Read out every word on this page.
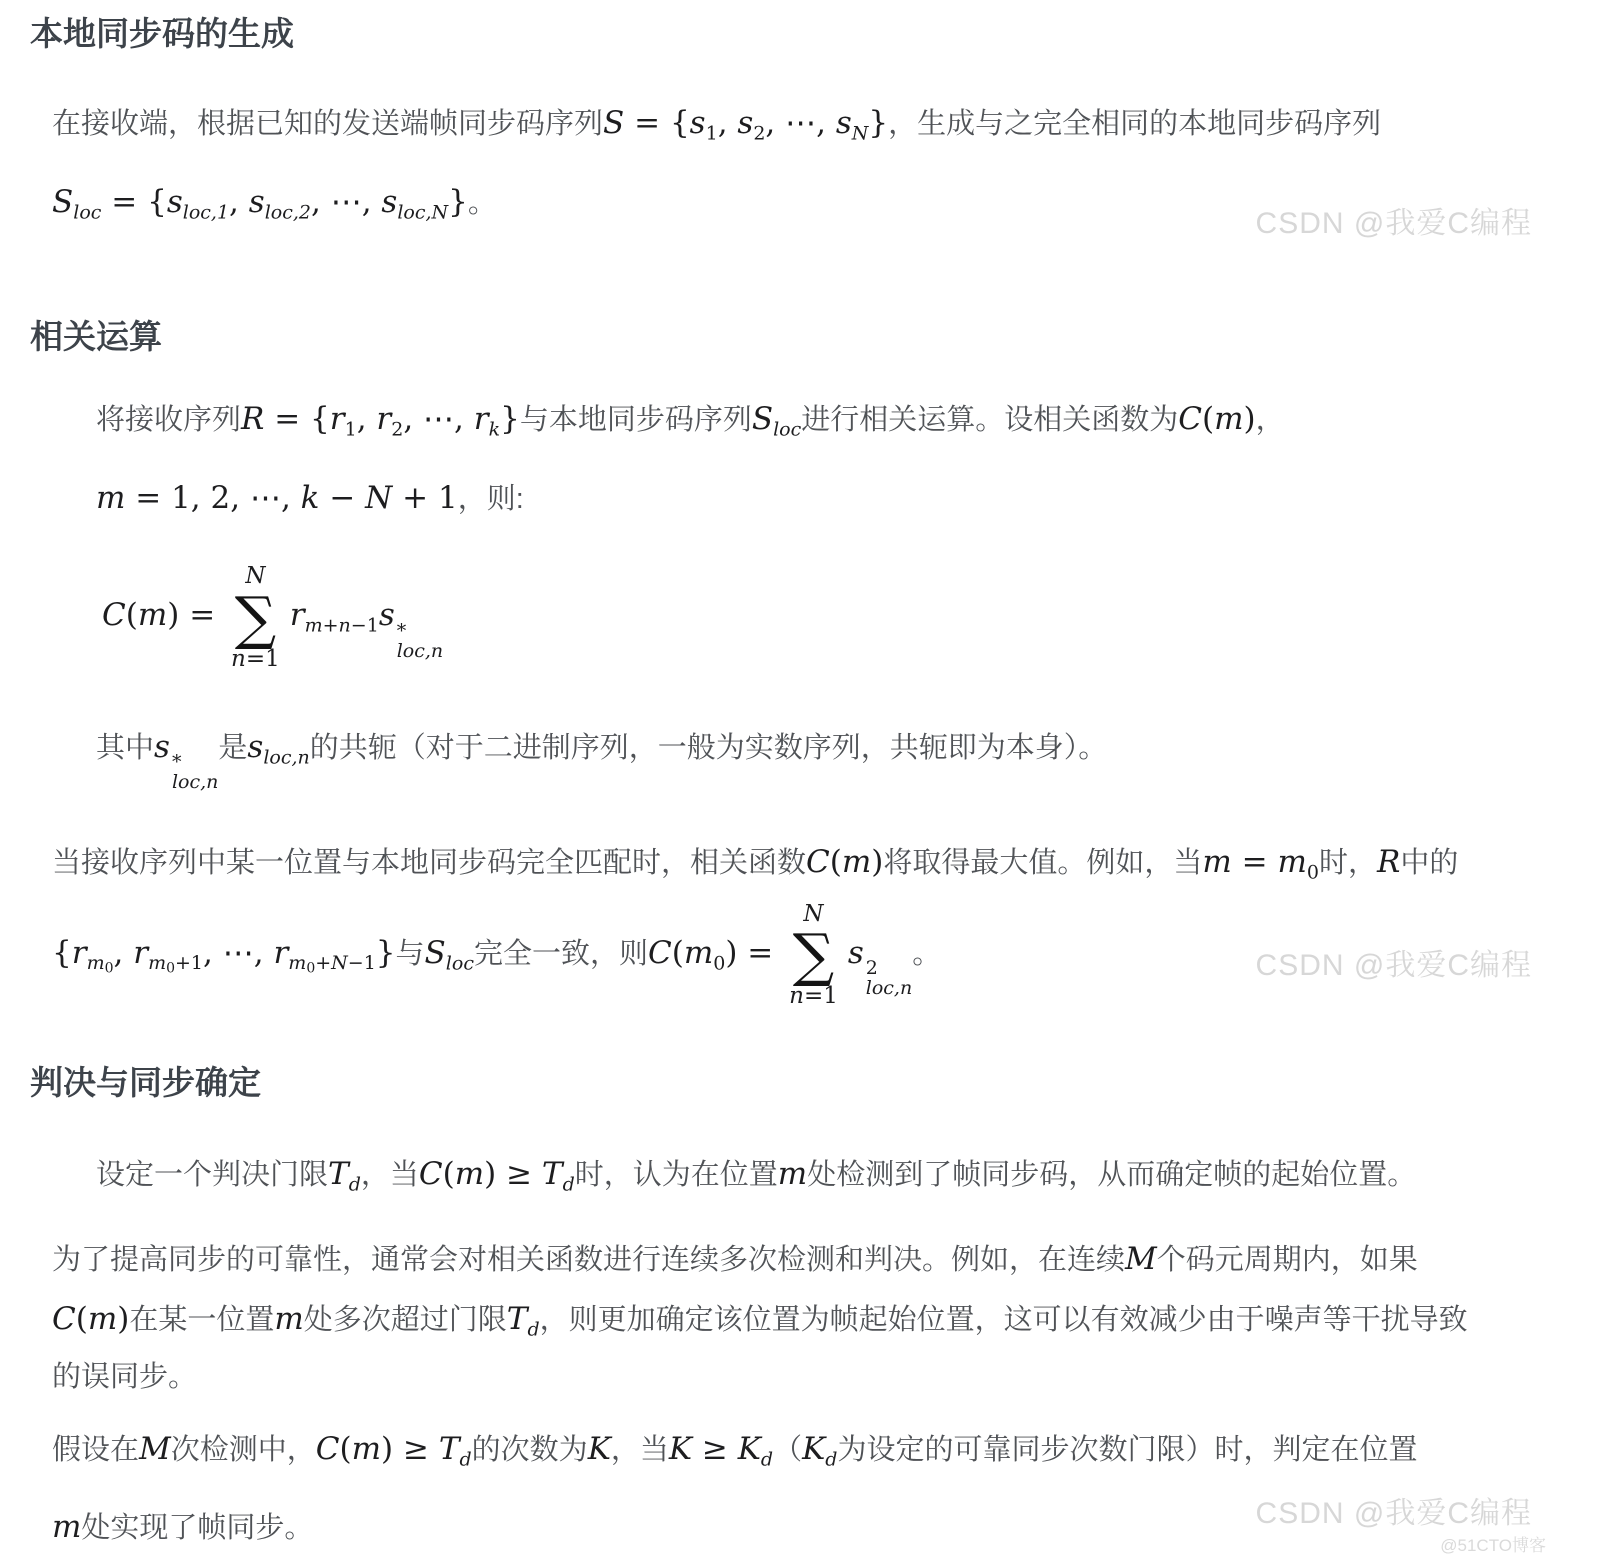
本地同步码的生成

在接收端，根据已知的发送端帧同步码序列$S = \{s_1$, $s_2$, ⋯, $s_N$}，生成与之完全相同的本地同步码序列
$S_{loc} = \{s_{loc,1}$, $s_{loc,2}$, ⋯, $s_{loc,N}$}。

相关运算

将接收序列$R = \{r_1$, $r_2$, ⋯, $r_k$}与本地同步码序列$S_{loc}$进行相关运算。设相关函数为C(m)，
m = 1, 2, ⋯, k − N + 1，则:

C(m) =
N
∑
n=1
$r_{m+n-1}s$ *
loc,n

其中s *
loc,n
是$s_{loc,n}$的共轭（对于二进制序列，一般为实数序列，共轭即为本身）。

当接收序列中某一位置与本地同步码完全匹配时，相关函数C(m)将取得最大值。例如，当$m = m_0$时，R中的
{$r_{m_0}$, $r_{m_0+1}$, ⋯, $r_{m_0+N-1}$}与$S_{loc}$完全一致，则$C(m_0)$ =
N
∑
n=1
s 2
loc,n
。

判决与同步确定

设定一个判决门限$T_d$，当$C(m) \ge T_d$时，认为在位置m处检测到了帧同步码，从而确定帧的起始位置。

为了提高同步的可靠性，通常会对相关函数进行连续多次检测和判决。例如，在连续M个码元周期内，如果
C(m)在某一位置m处多次超过门限$T_d$，则更加确定该位置为帧起始位置，这可以有效减少由于噪声等干扰导致
的误同步。

假设在M次检测中，$C(m) \ge T_d$的次数为K，当$K \ge K_d(K_d$为设定的可靠同步次数门限）时，判定在位置
m处实现了帧同步。

CSDN @我爱C编程
CSDN @我爱C编程
CSDN @我爱C编程
@51CTO博客
